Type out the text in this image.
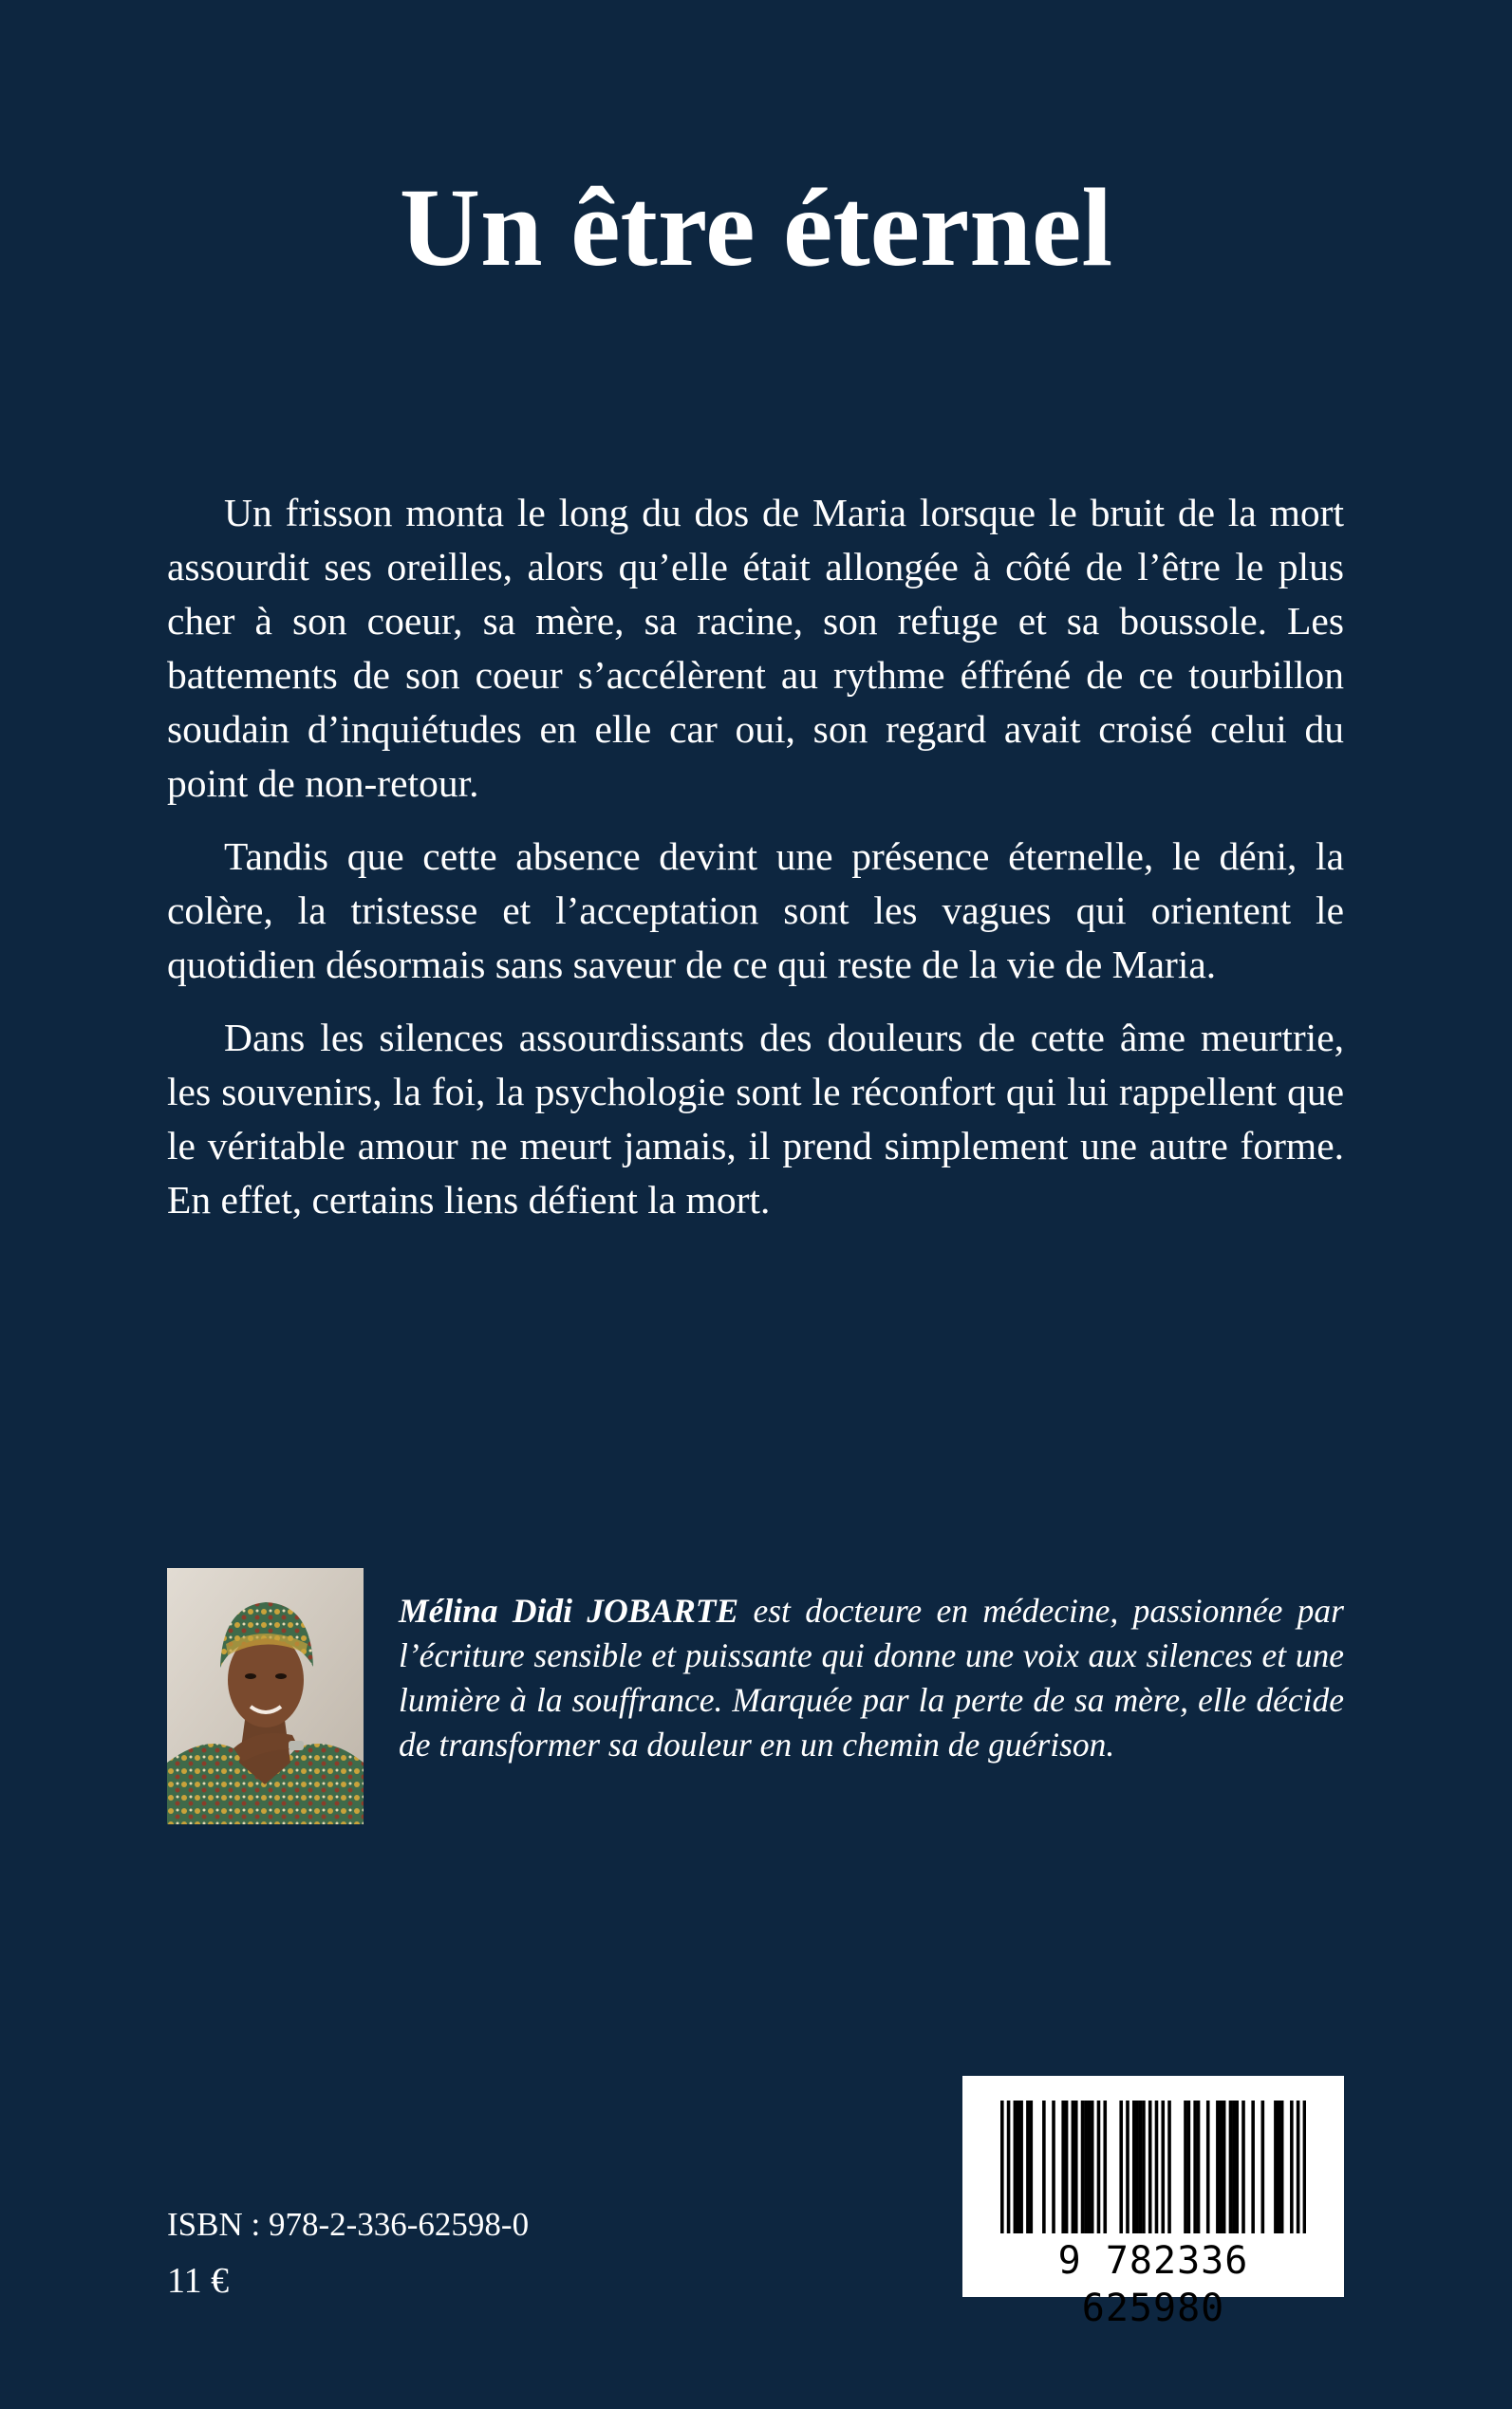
Un être éternel

Un frisson monta le long du dos de Maria lorsque le bruit de la mort assourdit ses oreilles, alors qu’elle était allongée à côté de l’être le plus cher à son coeur, sa mère, sa racine, son refuge et sa boussole. Les battements de son coeur s’accélèrent au rythme éffréné de ce tourbillon soudain d’inquiétudes en elle car oui, son regard avait croisé celui du point de non-retour.

Tandis que cette absence devint une présence éternelle, le déni, la colère, la tristesse et l’acceptation sont les vagues qui orientent le quotidien désormais sans saveur de ce qui reste de la vie de Maria.

Dans les silences assourdissants des douleurs de cette âme meurtrie, les souvenirs, la foi, la psychologie sont le réconfort qui lui rappellent que le véritable amour ne meurt jamais, il prend simplement une autre forme. En effet, certains liens défient la mort.

Mélina Didi JOBARTE est docteure en médecine, passionnée par l’écriture sensible et puissante qui donne une voix aux silences et une lumière à la souffrance. Marquée par la perte de sa mère, elle décide de transformer sa douleur en un chemin de guérison.

ISBN : 978-2-336-62598-0

11 €	9 782336 625980
